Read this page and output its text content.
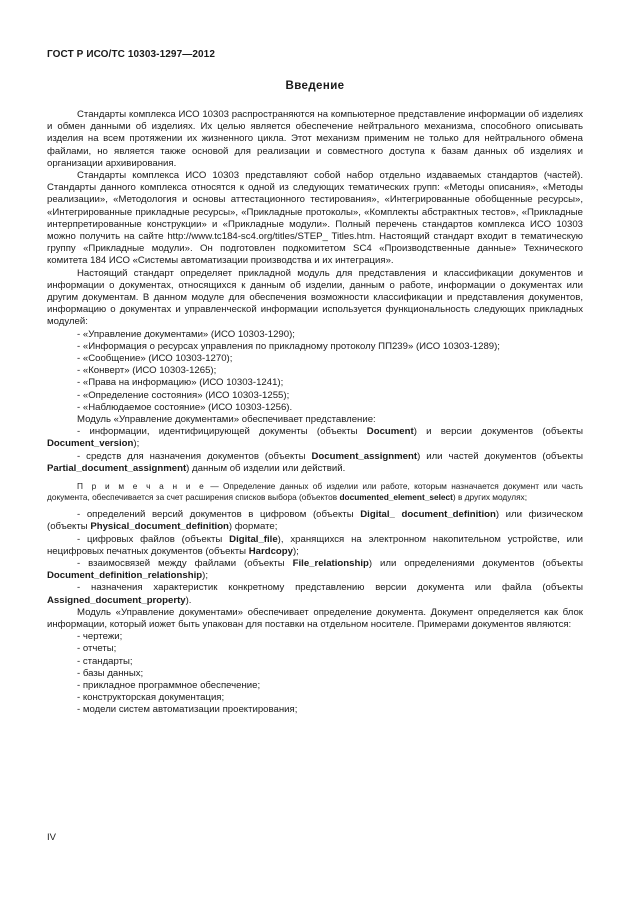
ГОСТ Р ИСО/ТС 10303-1297—2012
Введение

Стандарты комплекса ИСО 10303 распространяются на компьютерное представление информации об изделиях и обмен данными об изделиях. Их целью является обеспечение нейтрального механизма, способного описывать изделия на всем протяжении их жизненного цикла. Этот механизм применим не только для нейтрального обмена файлами, но является также основой для реализации и совместного доступа к базам данных об изделиях и организации архивирования.

Стандарты комплекса ИСО 10303 представляют собой набор отдельно издаваемых стандартов (частей). Стандарты данного комплекса относятся к одной из следующих тематических групп: «Методы описания», «Методы реализации», «Методология и основы аттестационного тестирования», «Интегрированные обобщенные ресурсы», «Интегрированные прикладные ресурсы», «Прикладные протоколы», «Комплекты абстрактных тестов», «Прикладные интерпретированные конструкции» и «Прикладные модули». Полный перечень стандартов комплекса ИСО 10303 можно получить на сайте http://www.tc184-sc4.org/titles/STEP_ Titles.htm. Настоящий стандарт входит в тематическую группу «Прикладные модули». Он подготовлен подкомитетом SC4 «Производственные данные» Технического комитета 184 ИСО «Системы автоматизации производства и их интеграция».

Настоящий стандарт определяет прикладной модуль для представления и классификации документов и информации о документах, относящихся к данным об изделии, данным о работе, информации о документах или другим документам. В данном модуле для обеспечения возможности классификации и представления документов, информацию о документах и управленческой информации используется функциональность следующих прикладных модулей:

- «Управление документами» (ИСО 10303-1290);
- «Информация о ресурсах управления по прикладному протоколу ПП239» (ИСО 10303-1289);
- «Сообщение» (ИСО 10303-1270);
- «Конверт» (ИСО 10303-1265);
- «Права на информацию» (ИСО 10303-1241);
- «Определение состояния» (ИСО 10303-1255);
- «Наблюдаемое состояние» (ИСО 10303-1256).

Модуль «Управление документами» обеспечивает представление:

- информации, идентифицирующей документы (объекты Document) и версии документов (объекты Document_version);
- средств для назначения документов (объекты Document_assignment) или частей документов (объекты Partial_document_assignment) данным об изделии или действий.
П р и м е ч а н и е — Определение данных об изделии или работе, которым назначается документ или часть документа, обеспечивается за счет расширения списков выбора (объектов documented_element_select) в других модулях;
- определений версий документов в цифровом (объекты Digital_ document_definition) или физическом (объекты Physical_document_definition) формате;
- цифровых файлов (объекты Digital_file), хранящихся на электронном накопительном устройстве, или нецифровых печатных документов (объекты Hardcopy);
- взаимосвязей между файлами (объекты File_relationship) или определениями документов (объекты Document_definition_relationship);
- назначения характеристик конкретному представлению версии документа или файла (объекты Assigned_document_property).

Модуль «Управление документами» обеспечивает определение документа. Документ определяется как блок информации, который иожет быть упакован для поставки на отдельном носителе. Примерами документов являются:

- чертежи;
- отчеты;
- стандарты;
- базы данных;
- прикладное программное обеспечение;
- конструкторская документация;
- модели систем автоматизации проектирования;
IV
